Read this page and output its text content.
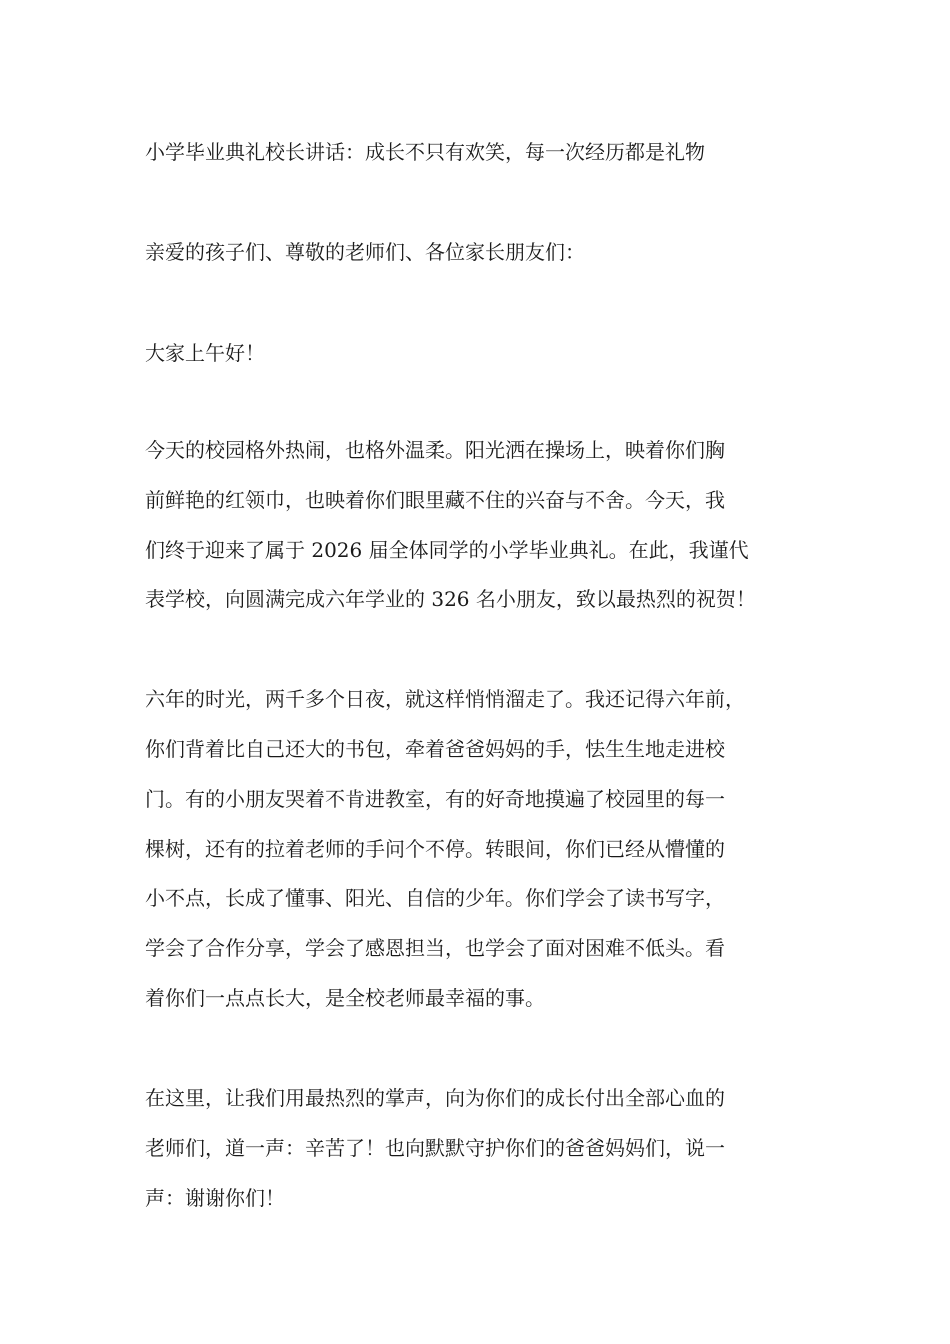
小学毕业典礼校长讲话：成长不只有欢笑，每一次经历都是礼物

亲爱的孩子们、尊敬的老师们、各位家长朋友们：

大家上午好！

今天的校园格外热闹，也格外温柔。阳光洒在操场上，映着你们胸

前鲜艳的红领巾，也映着你们眼里藏不住的兴奋与不舍。今天，我

们终于迎来了属于 2026 届全体同学的小学毕业典礼。在此，我谨代

表学校，向圆满完成六年学业的 326 名小朋友，致以最热烈的祝贺！

六年的时光，两千多个日夜，就这样悄悄溜走了。我还记得六年前，

你们背着比自己还大的书包，牵着爸爸妈妈的手，怯生生地走进校

门。有的小朋友哭着不肯进教室，有的好奇地摸遍了校园里的每一

棵树，还有的拉着老师的手问个不停。转眼间，你们已经从懵懂的

小不点，长成了懂事、阳光、自信的少年。你们学会了读书写字，

学会了合作分享，学会了感恩担当，也学会了面对困难不低头。看

着你们一点点长大，是全校老师最幸福的事。

在这里，让我们用最热烈的掌声，向为你们的成长付出全部心血的

老师们，道一声：辛苦了！也向默默守护你们的爸爸妈妈们，说一

声：谢谢你们！
